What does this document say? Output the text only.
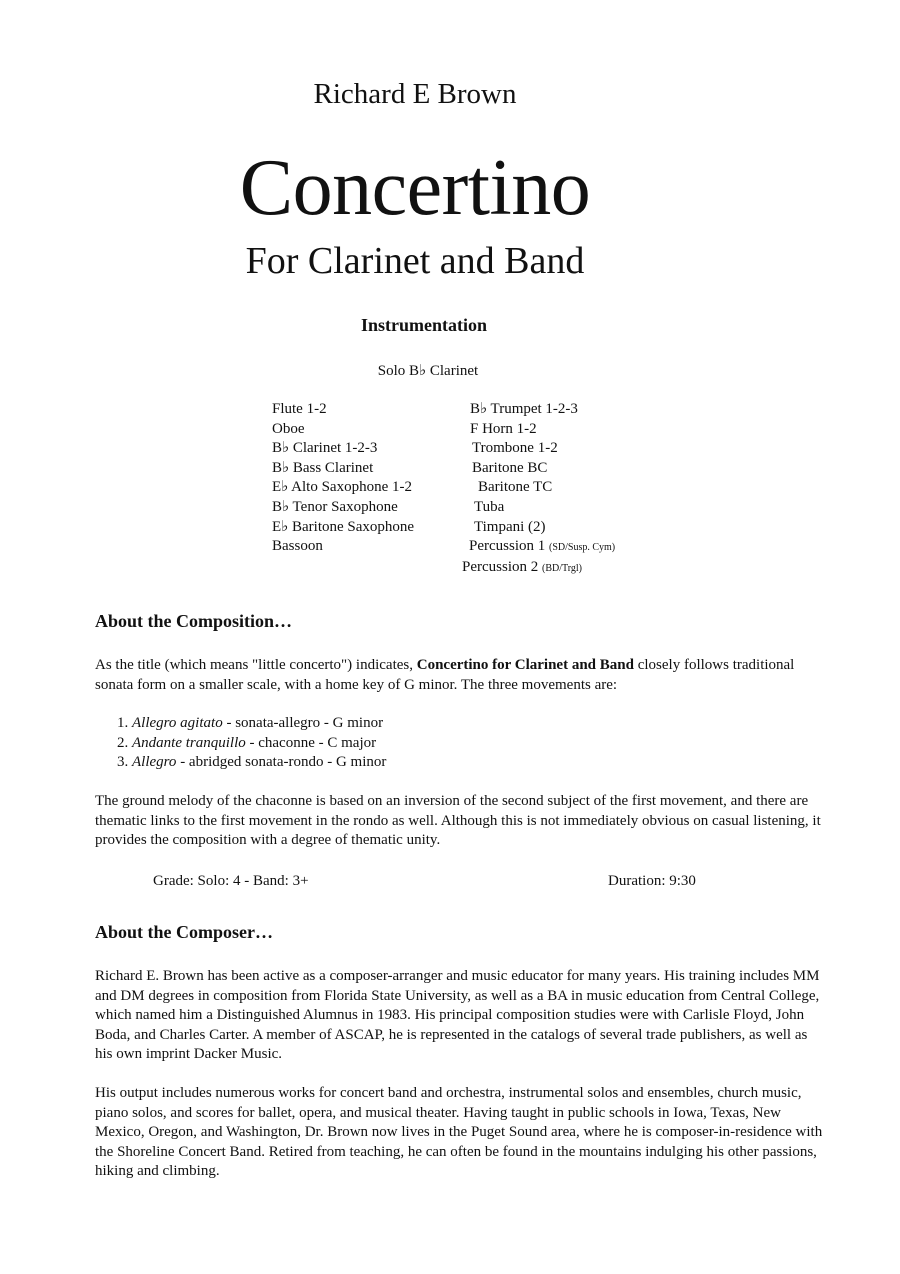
Richard E Brown
Concertino
For Clarinet and Band
Instrumentation
Solo B♭ Clarinet
Flute 1-2
Oboe
B♭ Clarinet 1-2-3
B♭ Bass Clarinet
E♭ Alto Saxophone 1-2
B♭ Tenor Saxophone
E♭ Baritone Saxophone
Bassoon
B♭ Trumpet 1-2-3
F Horn 1-2
Trombone 1-2
Baritone BC
Baritone TC
Tuba
Timpani (2)
Percussion 1 (SD/Susp. Cym)
Percussion 2 (BD/Trgl)
About the Composition…

As the title (which means "little concerto") indicates, Concertino for Clarinet and Band closely follows traditional sonata form on a smaller scale, with a home key of G minor. The three movements are:

1. Allegro agitato - sonata-allegro - G minor
2. Andante tranquillo - chaconne - C major
3. Allegro - abridged sonata-rondo - G minor

The ground melody of the chaconne is based on an inversion of the second subject of the first movement, and there are thematic links to the first movement in the rondo as well. Although this is not immediately obvious on casual listening, it provides the composition with a degree of thematic unity.

Grade: Solo: 4 - Band: 3+	Duration: 9:30
About the Composer…

Richard E. Brown has been active as a composer-arranger and music educator for many years. His training includes MM and DM degrees in composition from Florida State University, as well as a BA in music education from Central College, which named him a Distinguished Alumnus in 1983. His principal composition studies were with Carlisle Floyd, John Boda, and Charles Carter. A member of ASCAP, he is represented in the catalogs of several trade publishers, as well as his own imprint Dacker Music.

His output includes numerous works for concert band and orchestra, instrumental solos and ensembles, church music, piano solos, and scores for ballet, opera, and musical theater. Having taught in public schools in Iowa, Texas, New Mexico, Oregon, and Washington, Dr. Brown now lives in the Puget Sound area, where he is composer-in-residence with the Shoreline Concert Band. Retired from teaching, he can often be found in the mountains indulging his other passions, hiking and climbing.
